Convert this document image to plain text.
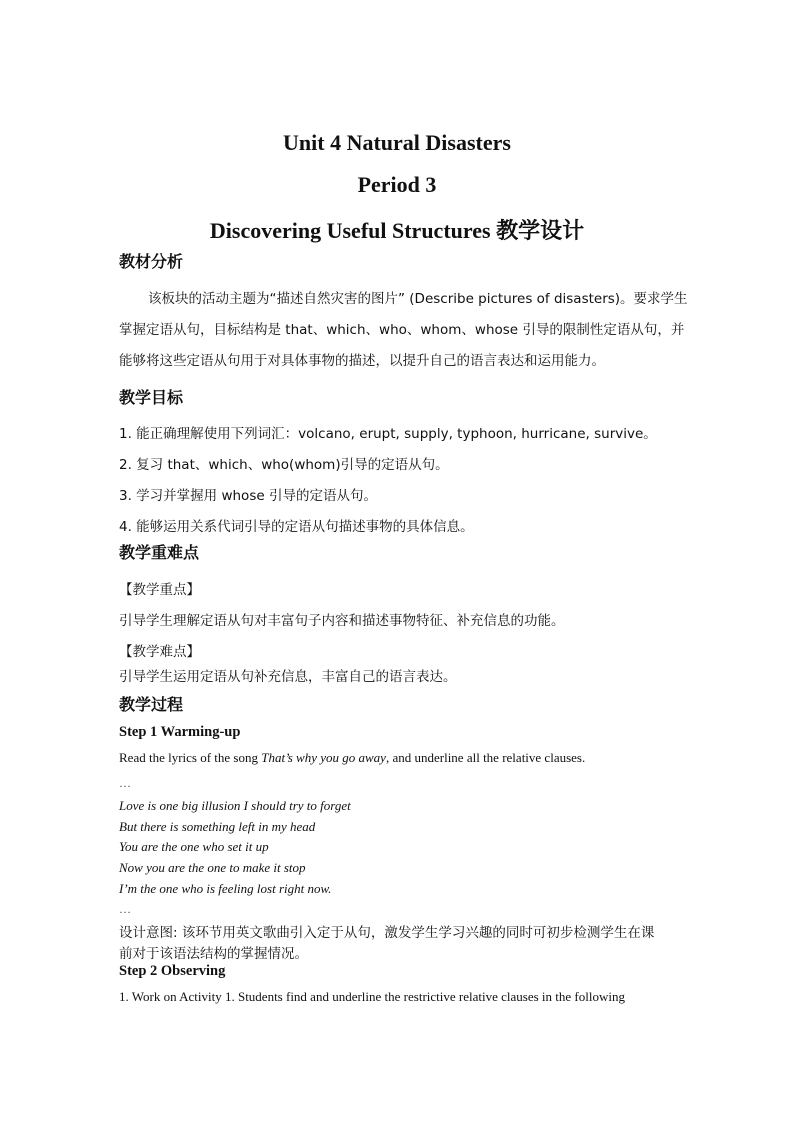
Unit 4 Natural Disasters
Period 3
Discovering Useful Structures 教学设计
教材分析
该板块的活动主题为“描述自然灾害的图片” (Describe pictures of disasters)。要求学生
掌握定语从句，目标结构是 that、which、who、whom、whose 引导的限制性定语从句，并
能够将这些定语从句用于对具体事物的描述，以提升自己的语言表达和运用能力。
教学目标
1. 能正确理解使用下列词汇：volcano, erupt, supply, typhoon, hurricane, survive。
2. 复习 that、which、who(whom)引导的定语从句。
3. 学习并掌握用 whose 引导的定语从句。
4. 能够运用关系代词引导的定语从句描述事物的具体信息。
教学重难点
【教学重点】
引导学生理解定语从句对丰富句子内容和描述事物特征、补充信息的功能。
【教学难点】
引导学生运用定语从句补充信息，丰富自己的语言表达。
教学过程
Step 1 Warming-up
Read the lyrics of the song That’s why you go away, and underline all the relative clauses.
…
Love is one big illusion I should try to forget
But there is something left in my head
You are the one who set it up
Now you are the one to make it stop
I’m the one who is feeling lost right now.
…
设计意图: 该环节用英文歌曲引入定于从句，激发学生学习兴趣的同时可初步检测学生在课
前对于该语法结构的掌握情况。
Step 2 Observing
1. Work on Activity 1. Students find and underline the restrictive relative clauses in the following
